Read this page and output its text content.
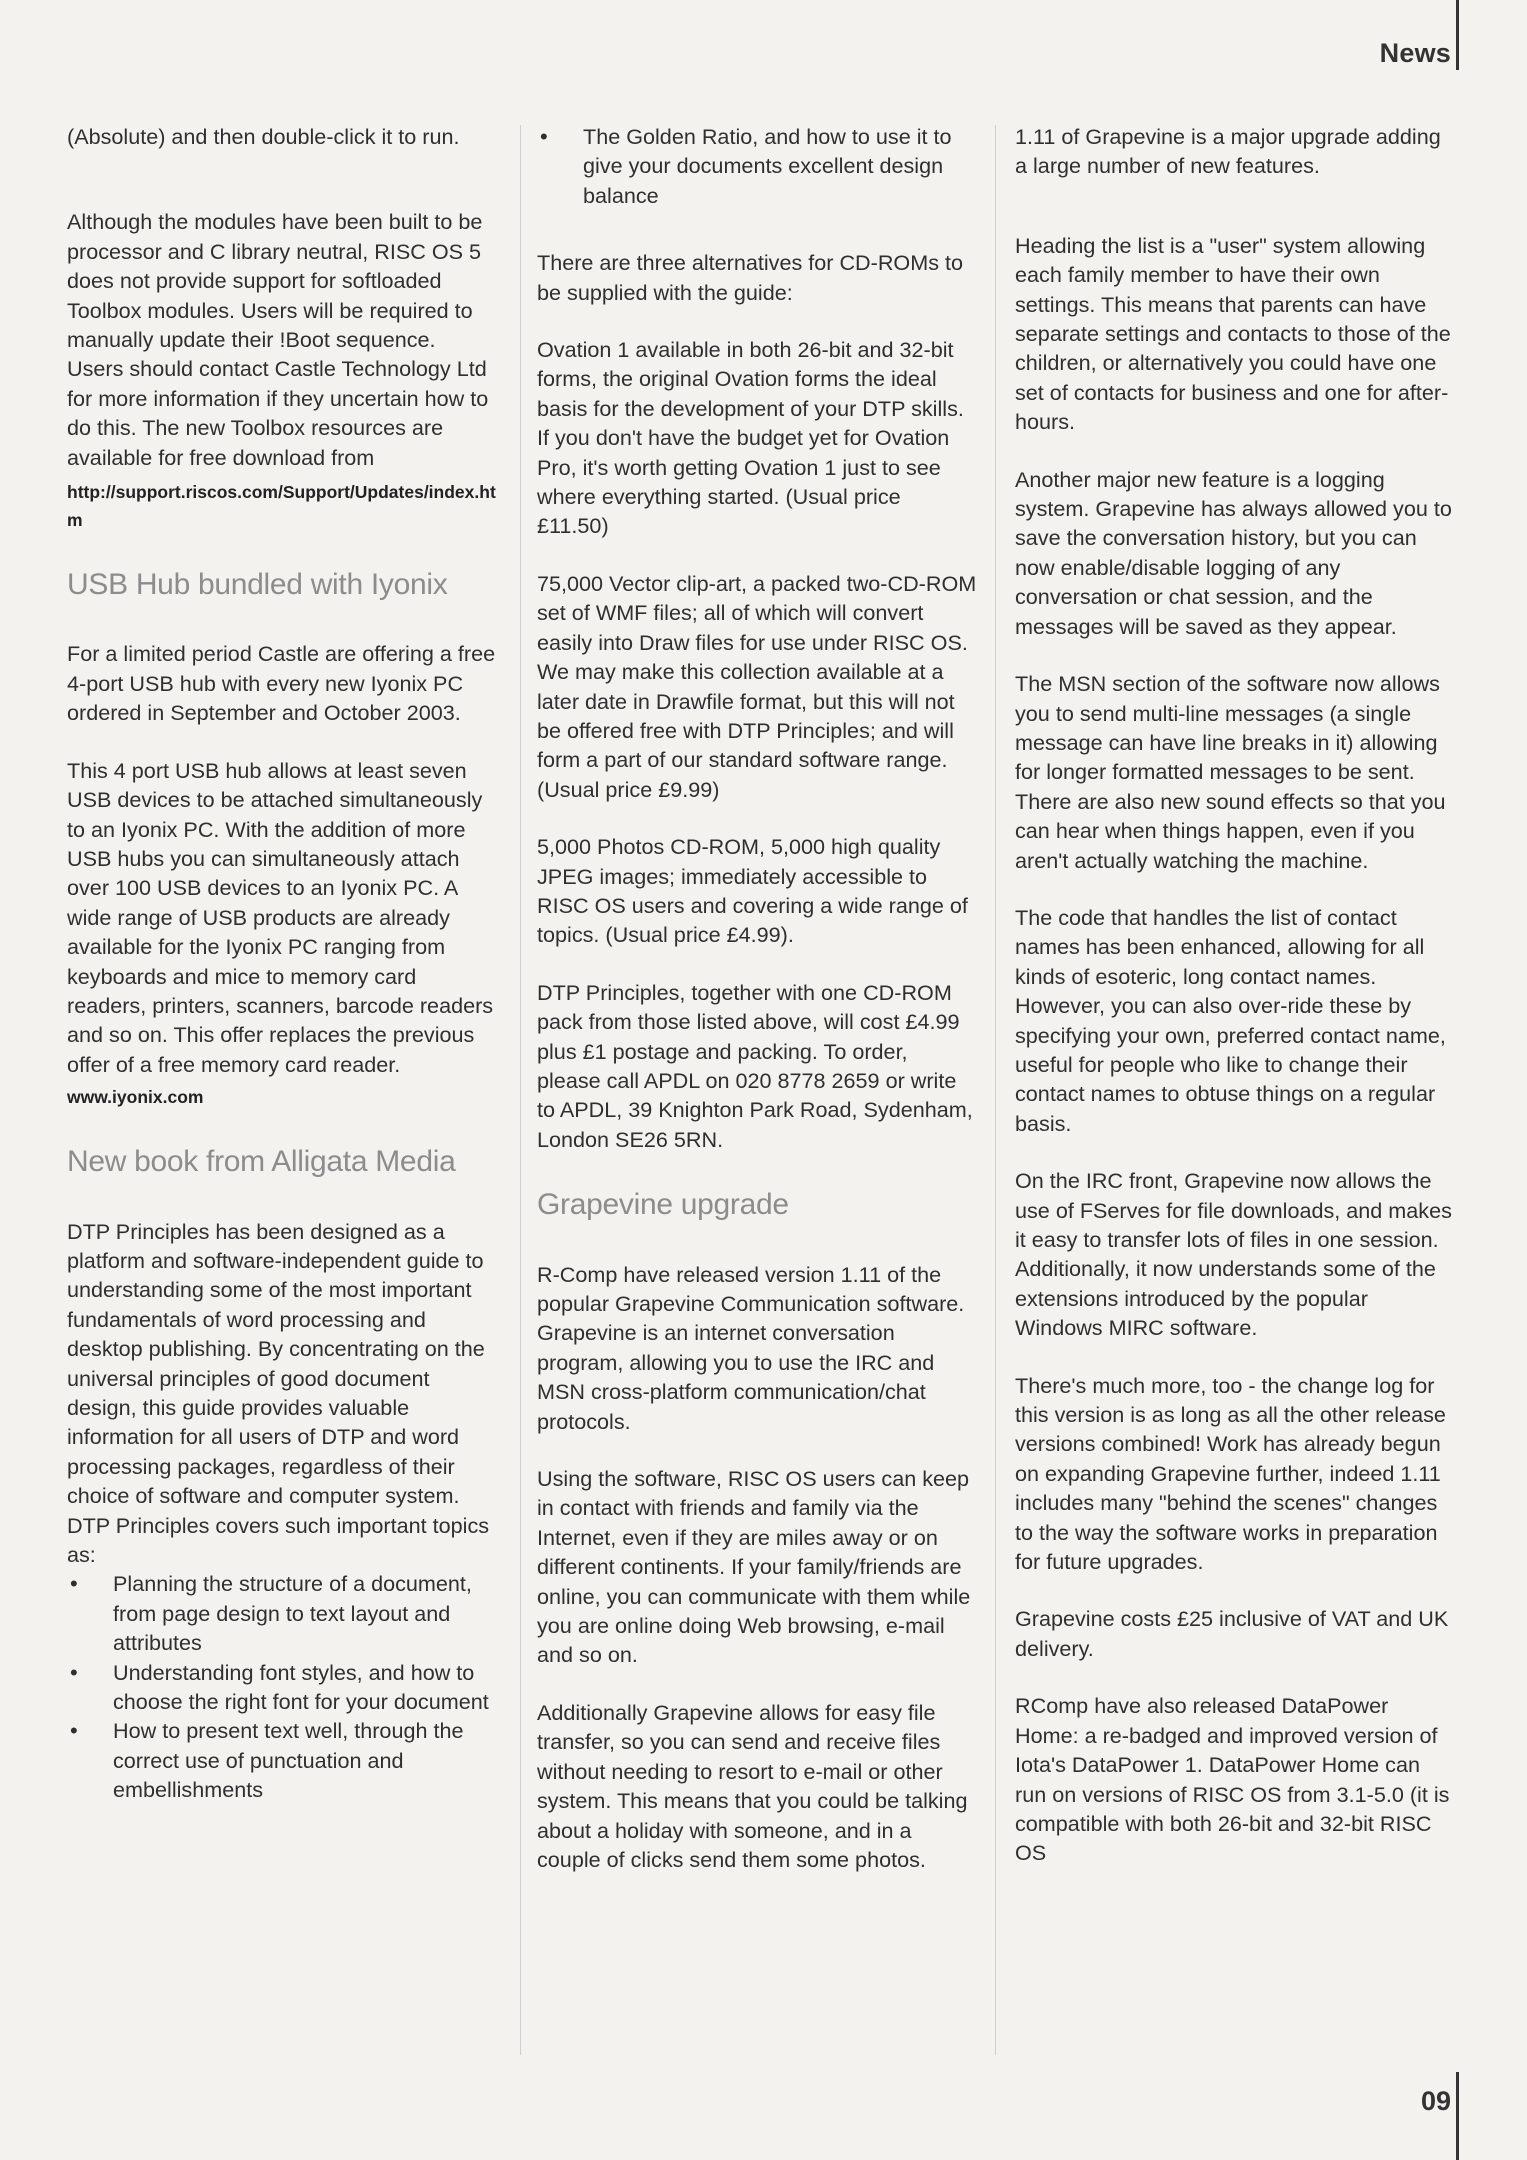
News

(Absolute) and then double-click it to run.

Although the modules have been built to be processor and C library neutral, RISC OS 5 does not provide support for softloaded Toolbox modules. Users will be required to manually update their !Boot sequence. Users should contact Castle Technology Ltd for more information if they uncertain how to do this. The new Toolbox resources are available for free download from

http://support.riscos.com/Support/Updates/index.htm
USB Hub bundled with Iyonix

For a limited period Castle are offering a free 4-port USB hub with every new Iyonix PC ordered in September and October 2003.

This 4 port USB hub allows at least seven USB devices to be attached simultaneously to an Iyonix PC. With the addition of more USB hubs you can simultaneously attach over 100 USB devices to an Iyonix PC. A wide range of USB products are already available for the Iyonix PC ranging from keyboards and mice to memory card readers, printers, scanners, barcode readers and so on. This offer replaces the previous offer of a free memory card reader.

www.iyonix.com
New book from Alligata Media

DTP Principles has been designed as a platform and software-independent guide to understanding some of the most important fundamentals of word processing and desktop publishing. By concentrating on the universal principles of good document design, this guide provides valuable information for all users of DTP and word processing packages, regardless of their choice of software and computer system. DTP Principles covers such important topics as:

• Planning the structure of a document, from page design to text layout and attributes
• Understanding font styles, and how to choose the right font for your document
• How to present text well, through the correct use of punctuation and embellishments
• The Golden Ratio, and how to use it to give your documents excellent design balance

There are three alternatives for CD-ROMs to be supplied with the guide:

Ovation 1 available in both 26-bit and 32-bit forms, the original Ovation forms the ideal basis for the development of your DTP skills. If you don't have the budget yet for Ovation Pro, it's worth getting Ovation 1 just to see where everything started. (Usual price £11.50)

75,000 Vector clip-art, a packed two-CD-ROM set of WMF files; all of which will convert easily into Draw files for use under RISC OS. We may make this collection available at a later date in Drawfile format, but this will not be offered free with DTP Principles; and will form a part of our standard software range. (Usual price £9.99)

5,000 Photos CD-ROM, 5,000 high quality JPEG images; immediately accessible to RISC OS users and covering a wide range of topics. (Usual price £4.99).

DTP Principles, together with one CD-ROM pack from those listed above, will cost £4.99 plus £1 postage and packing. To order, please call APDL on 020 8778 2659 or write to APDL, 39 Knighton Park Road, Sydenham, London SE26 5RN.

Grapevine upgrade

R-Comp have released version 1.11 of the popular Grapevine Communication software. Grapevine is an internet conversation program, allowing you to use the IRC and MSN cross-platform communication/chat protocols.

Using the software, RISC OS users can keep in contact with friends and family via the Internet, even if they are miles away or on different continents. If your family/friends are online, you can communicate with them while you are online doing Web browsing, e-mail and so on.

Additionally Grapevine allows for easy file transfer, so you can send and receive files without needing to resort to e-mail or other system. This means that you could be talking about a holiday with someone, and in a couple of clicks send them some photos.

1.11 of Grapevine is a major upgrade adding a large number of new features.

Heading the list is a "user" system allowing each family member to have their own settings. This means that parents can have separate settings and contacts to those of the children, or alternatively you could have one set of contacts for business and one for after-hours.

Another major new feature is a logging system. Grapevine has always allowed you to save the conversation history, but you can now enable/disable logging of any conversation or chat session, and the messages will be saved as they appear.

The MSN section of the software now allows you to send multi-line messages (a single message can have line breaks in it) allowing for longer formatted messages to be sent. There are also new sound effects so that you can hear when things happen, even if you aren't actually watching the machine.

The code that handles the list of contact names has been enhanced, allowing for all kinds of esoteric, long contact names. However, you can also over-ride these by specifying your own, preferred contact name, useful for people who like to change their contact names to obtuse things on a regular basis.

On the IRC front, Grapevine now allows the use of FServes for file downloads, and makes it easy to transfer lots of files in one session. Additionally, it now understands some of the extensions introduced by the popular Windows MIRC software.

There's much more, too - the change log for this version is as long as all the other release versions combined! Work has already begun on expanding Grapevine further, indeed 1.11 includes many "behind the scenes" changes to the way the software works in preparation for future upgrades.

Grapevine costs £25 inclusive of VAT and UK delivery.

RComp have also released DataPower Home: a re-badged and improved version of Iota's DataPower 1. DataPower Home can run on versions of RISC OS from 3.1-5.0 (it is compatible with both 26-bit and 32-bit RISC OS

09
